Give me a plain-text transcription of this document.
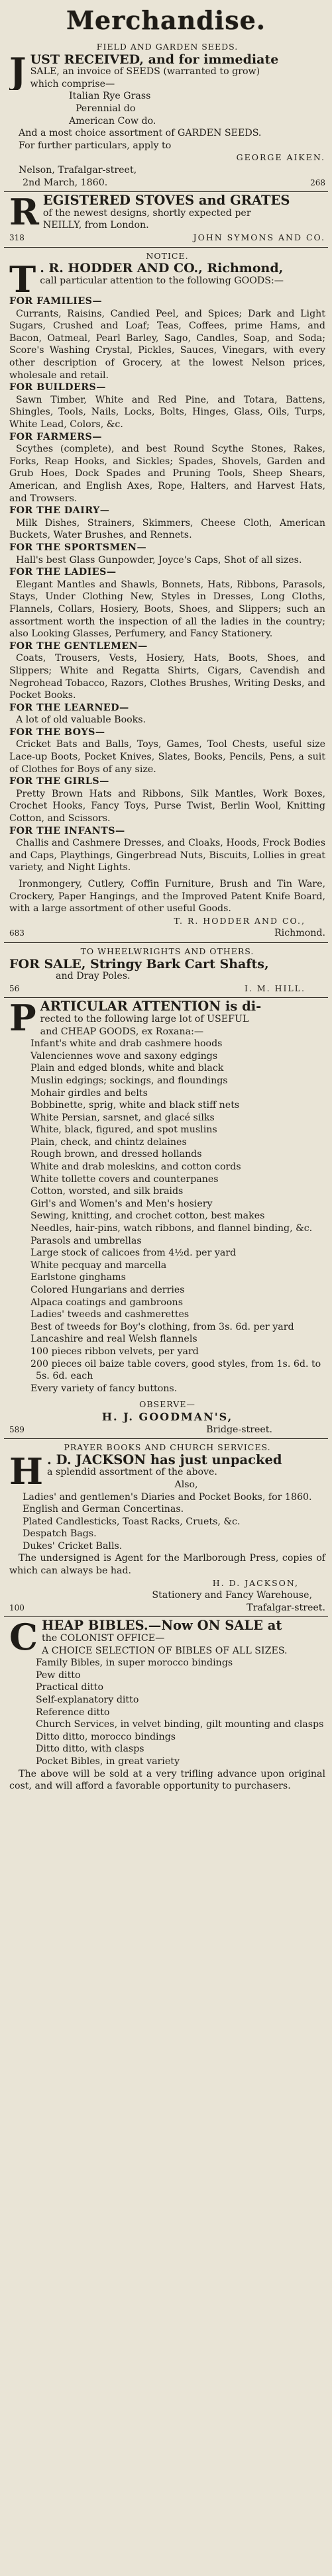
Merchandise.
FIELD AND GARDEN SEEDS.
J UST RECEIVED, and for immediate
SALE, an invoice of SEEDS (warranted to grow)
which comprise—
Italian Rye Grass
Perennial do
American Cow do.
And a most choice assortment of GARDEN SEEDS.
For further particulars, apply to
GEORGE AIKEN.
Nelson, Trafalgar-street,
2nd March, 1860.	268
R EGISTERED STOVES and GRATES
of the newest designs, shortly expected per
NEILLY, from London.
318	JOHN SYMONS AND CO.
NOTICE.
T . R. HODDER AND CO., Richmond,
call particular attention to the following GOODS:—
FOR FAMILIES—
Currants, Raisins, Candied Peel, and Spices; Dark and Light Sugars, Crushed and Loaf; Teas, Coffees, prime Hams, and Bacon, Oatmeal, Pearl Barley, Sago, Candles, Soap, and Soda; Score's Washing Crystal, Pickles, Sauces, Vinegars, with every other description of Grocery, at the lowest Nelson prices, wholesale and retail.
FOR BUILDERS—
Sawn Timber, White and Red Pine, and Totara, Battens, Shingles, Tools, Nails, Locks, Bolts, Hinges, Glass, Oils, Turps, White Lead, Colors, &c.
FOR FARMERS—
Scythes (complete), and best Round Scythe Stones, Rakes, Forks, Reap Hooks, and Sickles; Spades, Shovels, Garden and Grub Hoes, Dock Spades and Pruning Tools, Sheep Shears, American, and English Axes, Rope, Halters, and Harvest Hats, and Trowsers.
FOR THE DAIRY—
Milk Dishes, Strainers, Skimmers, Cheese Cloth, American Buckets, Water Brushes, and Rennets.
FOR THE SPORTSMEN—
Hall's best Glass Gunpowder, Joyce's Caps, Shot of all sizes.
FOR THE LADIES—
Elegant Mantles and Shawls, Bonnets, Hats, Ribbons, Parasols, Stays, Under Clothing New, Styles in Dresses, Long Cloths, Flannels, Collars, Hosiery, Boots, Shoes, and Slippers; such an assortment worth the inspection of all the ladies in the country; also Looking Glasses, Perfumery, and Fancy Stationery.
FOR THE GENTLEMEN—
Coats, Trousers, Vests, Hosiery, Hats, Boots, Shoes, and Slippers; White and Regatta Shirts, Cigars, Cavendish and Negrohead Tobacco, Razors, Clothes Brushes, Writing Desks, and Pocket Books.
FOR THE LEARNED—
A lot of old valuable Books.
FOR THE BOYS—
Cricket Bats and Balls, Toys, Games, Tool Chests, useful size Lace-up Boots, Pocket Knives, Slates, Books, Pencils, Pens, a suit of Clothes for Boys of any size.
FOR THE GIRLS—
Pretty Brown Hats and Ribbons, Silk Mantles, Work Boxes, Crochet Hooks, Fancy Toys, Purse Twist, Berlin Wool, Knitting Cotton, and Scissors.
FOR THE INFANTS—
Challis and Cashmere Dresses, and Cloaks, Hoods, Frock Bodies and Caps, Playthings, Gingerbread Nuts, Biscuits, Lollies in great variety, and Night Lights.
Ironmongery, Cutlery, Coffin Furniture, Brush and Tin Ware, Crockery, Paper Hangings, and the Improved Patent Knife Board, with a large assortment of other useful Goods.
T. R. HODDER AND CO.,
683	Richmond.
TO WHEELWRIGHTS AND OTHERS.
FOR SALE, Stringy Bark Cart Shafts,
and Dray Poles.
56	I. M. HILL.
P ARTICULAR ATTENTION is di-
rected to the following large lot of USEFUL
and CHEAP GOODS, ex Roxana:—
Infant's white and drab cashmere hoods
Valenciennes wove and saxony edgings
Plain and edged blonds, white and black
Muslin edgings; sockings, and floundings
Mohair girdles and belts
Bobbinette, sprig, white and black stiff nets
White Persian, sarsnet, and glacé silks
White, black, figured, and spot muslins
Plain, check, and chintz delaines
Rough brown, and dressed hollands
White and drab moleskins, and cotton cords
White tollette covers and counterpanes
Cotton, worsted, and silk braids
Girl's and Women's and Men's hosiery
Sewing, knitting, and crochet cotton, best makes
Needles, hair-pins, watch ribbons, and flannel binding, &c.
Parasols and umbrellas
Large stock of calicoes from 4½d. per yard
White pecquay and marcella
Earlstone ginghams
Colored Hungarians and derries
Alpaca coatings and gambroons
Ladies' tweeds and cashmerettes
Best of tweeds for Boy's clothing, from 3s. 6d. per yard
Lancashire and real Welsh flannels
100 pieces ribbon velvets, per yard
200 pieces oil baize table covers, good styles, from 1s. 6d. to 5s. 6d. each
Every variety of fancy buttons.
OBSERVE—
H. J. GOODMAN'S,
589	Bridge-street.
PRAYER BOOKS AND CHURCH SERVICES.
H . D. JACKSON has just unpacked
a splendid assortment of the above.
Also,
Ladies' and gentlemen's Diaries and Pocket Books, for 1860.
English and German Concertinas.
Plated Candlesticks, Toast Racks, Cruets, &c.
Despatch Bags.
Dukes' Cricket Balls.
The undersigned is Agent for the Marlborough Press, copies of which can always be had.
H. D. JACKSON,
Stationery and Fancy Warehouse,
100	Trafalgar-street.
C HEAP BIBLES.—Now ON SALE at
the COLONIST OFFICE—
A CHOICE SELECTION OF BIBLES OF ALL SIZES.
Family Bibles, in super morocco bindings
Pew ditto
Practical ditto
Self-explanatory ditto
Reference ditto
Church Services, in velvet binding, gilt mounting and clasps
Ditto ditto, morocco bindings
Ditto ditto, with clasps
Pocket Bibles, in great variety
The above will be sold at a very trifling advance upon original cost, and will afford a favorable opportunity to purchasers.
